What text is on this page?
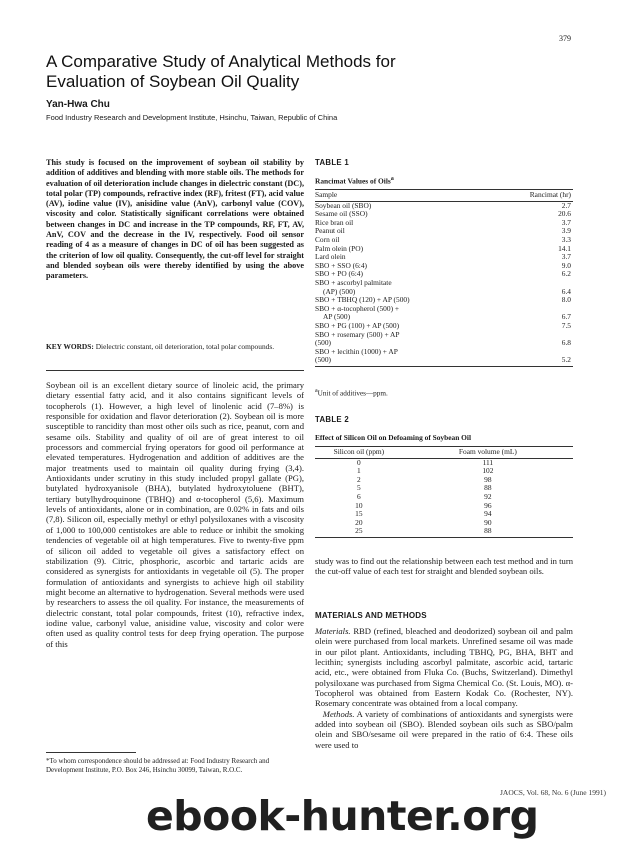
379
A Comparative Study of Analytical Methods for Evaluation of Soybean Oil Quality
Yan-Hwa Chu
Food Industry Research and Development Institute, Hsinchu, Taiwan, Republic of China

This study is focused on the improvement of soybean oil stability by addition of additives and blending with more stable oils. The methods for evaluation of oil deterioration include changes in dielectric constant (DC), total polar (TP) compounds, refractive index (RF), fritest (FT), acid value (AV), iodine value (IV), anisidine value (AnV), carbonyl value (COV), viscosity and color. Statistically significant correlations were obtained between changes in DC and increase in the TP compounds, RF, FT, AV, AnV, COV and the decrease in the IV, respectively. Food oil sensor reading of 4 as a measure of changes in DC of oil has been suggested as the criterion of low oil quality. Consequently, the cut-off level for straight and blended soybean oils were thereby identified by using the above parameters.

KEY WORDS: Dielectric constant, oil deterioration, total polar compounds.

Soybean oil is an excellent dietary source of linoleic acid, the primary dietary essential fatty acid, and it also contains significant levels of tocopherols (1). However, a high level of linolenic acid (7–8%) is responsible for oxidation and flavor deterioration (2). Soybean oil is more susceptible to rancidity than most other oils such as rice, peanut, corn and sesame oils. Stability and quality of oil are of great interest to oil processors and commercial frying operators for good oil performance at elevated temperatures. Hydrogenation and addition of additives are the major treatments used to maintain oil quality during frying (3,4). Antioxidants under scrutiny in this study included propyl gallate (PG), butylated hydroxyanisole (BHA), butylated hydroxytoluene (BHT), tertiary butylhydroquinone (TBHQ) and α-tocopherol (5,6). Maximum levels of antioxidants, alone or in combination, are 0.02% in fats and oils (7,8). Silicon oil, especially methyl or ethyl polysiloxanes with a viscosity of 1,000 to 100,000 centistokes are able to reduce or inhibit the smoking tendencies of vegetable oil at high temperatures. Five to twenty-five ppm of silicon oil added to vegetable oil gives a satisfactory effect on stabilization (9). Citric, phosphoric, ascorbic and tartaric acids are considered as synergists for antioxidants in vegetable oil (5). The proper formulation of antioxidants and synergists to achieve high oil stability might become an alternative to hydrogenation. Several methods were used by researchers to assess the oil quality. For instance, the measurements of dielectric constant, total polar compounds, fritest (10), refractive index, iodine value, carbonyl value, anisidine value, viscosity and color were often used as quality control tests for deep frying operation. The purpose of this

*To whom correspondence should be addressed at: Food Industry Research and Development Institute, P.O. Box 246, Hsinchu 30099, Taiwan, R.O.C.

TABLE 1
Rancimat Values of Oils$^a$
Sample	Rancimat (hr)
Soybean oil (SBO)	2.7
Sesame oil (SSO)	20.6
Rice bran oil	3.7
Peanut oil	3.9
Corn oil	3.3
Palm olein (PO)	14.1
Lard olein	3.7
SBO + SSO (6:4)	9.0
SBO + PO (6:4)	6.2
SBO + ascorbyl palmitate	
(AP) (500)	6.4
SBO + TBHQ (120) + AP (500)	8.0
SBO + α-tocopherol (500) +	
AP (500)	6.7
SBO + PG (100) + AP (500)	7.5
SBO + rosemary (500) + AP	
(500)	6.8
SBO + lecithin (1000) + AP	
(500)	5.2
$^a$Unit of additives—ppm.
TABLE 2
Effect of Silicon Oil on Defoaming of Soybean Oil
Silicon oil (ppm)	Foam volume (mL)
0	111
1	102
2	98
5	88
6	92
10	96
15	94
20	90
25	88

study was to find out the relationship between each test method and in turn the cut-off value of each test for straight and blended soybean oils.

MATERIALS AND METHODS

Materials. RBD (refined, bleached and deodorized) soybean oil and palm olein were purchased from local markets. Unrefined sesame oil was made in our pilot plant. Antioxidants, including TBHQ, PG, BHA, BHT and lecithin; synergists including ascorbyl palmitate, ascorbic acid, tartaric acid, etc., were obtained from Fluka Co. (Buchs, Switzerland). Dimethyl polysiloxane was purchased from Sigma Chemical Co. (St. Louis, MO). α-Tocopherol was obtained from Eastern Kodak Co. (Rochester, NY). Rosemary concentrate was obtained from a local company.
Methods. A variety of combinations of antioxidants and synergists were added into soybean oil (SBO). Blended soybean oils such as SBO/palm olein and SBO/sesame oil were prepared in the ratio of 6:4. These oils were used to

JAOCS, Vol. 68, No. 6 (June 1991)
ebook-hunter.org
